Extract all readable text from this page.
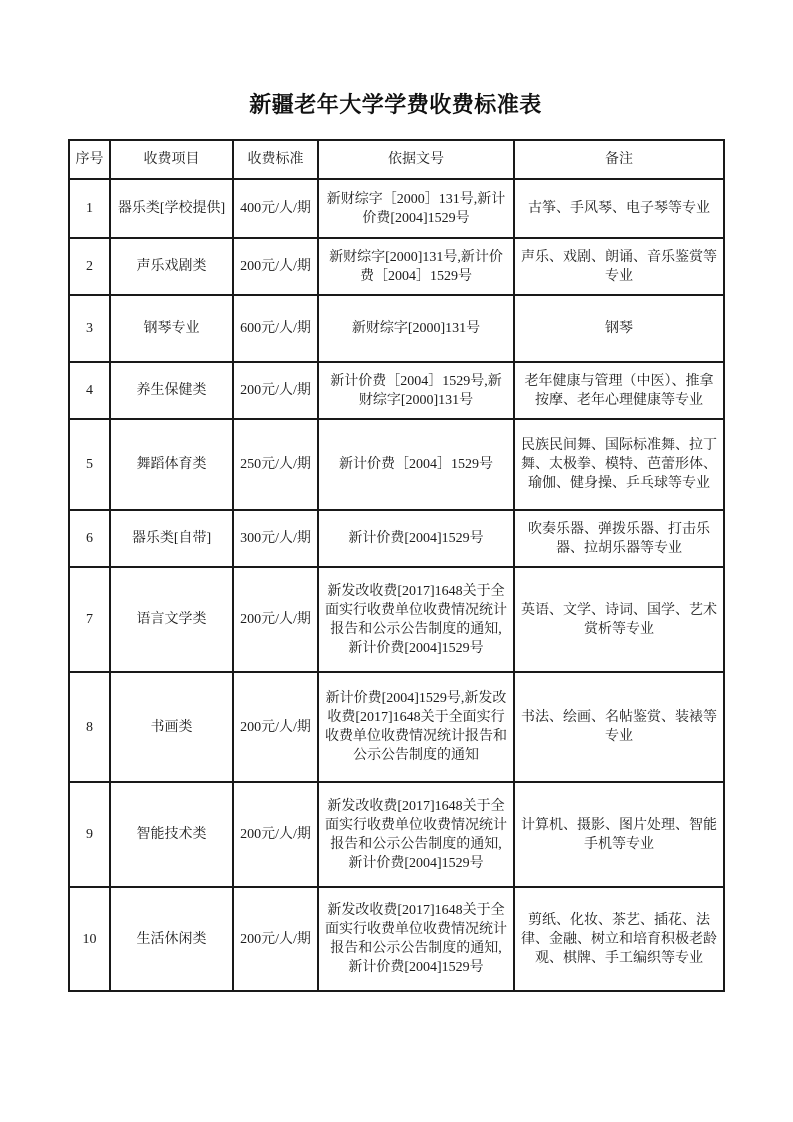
新疆老年大学学费收费标准表
序号	收费项目	收费标准	依据文号	备注
1	器乐类[学校提供]	400元/人/期	新财综字［2000］131号,新计价费[2004]1529号	古筝、手风琴、电子琴等专业
2	声乐戏剧类	200元/人/期	新财综字[2000]131号,新计价费［2004］1529号	声乐、戏剧、朗诵、音乐鉴赏等专业
3	钢琴专业	600元/人/期	新财综字[2000]131号	钢琴
4	养生保健类	200元/人/期	新计价费［2004］1529号,新财综字[2000]131号	老年健康与管理（中医）、推拿按摩、老年心理健康等专业
5	舞蹈体育类	250元/人/期	新计价费［2004］1529号	民族民间舞、国际标准舞、拉丁舞、太极拳、模特、芭蕾形体、瑜伽、健身操、乒乓球等专业
6	器乐类[自带]	300元/人/期	新计价费[2004]1529号	吹奏乐器、弹拨乐器、打击乐器、拉胡乐器等专业
7	语言文学类	200元/人/期	新发改收费[2017]1648关于全面实行收费单位收费情况统计报告和公示公告制度的通知,新计价费[2004]1529号	英语、文学、诗词、国学、艺术赏析等专业
8	书画类	200元/人/期	新计价费[2004]1529号,新发改收费[2017]1648关于全面实行收费单位收费情况统计报告和公示公告制度的通知	书法、绘画、名帖鉴赏、装裱等专业
9	智能技术类	200元/人/期	新发改收费[2017]1648关于全面实行收费单位收费情况统计报告和公示公告制度的通知,新计价费[2004]1529号	计算机、摄影、图片处理、智能手机等专业
10	生活休闲类	200元/人/期	新发改收费[2017]1648关于全面实行收费单位收费情况统计报告和公示公告制度的通知,新计价费[2004]1529号	剪纸、化妆、茶艺、插花、法律、金融、树立和培育积极老龄观、棋牌、手工编织等专业
